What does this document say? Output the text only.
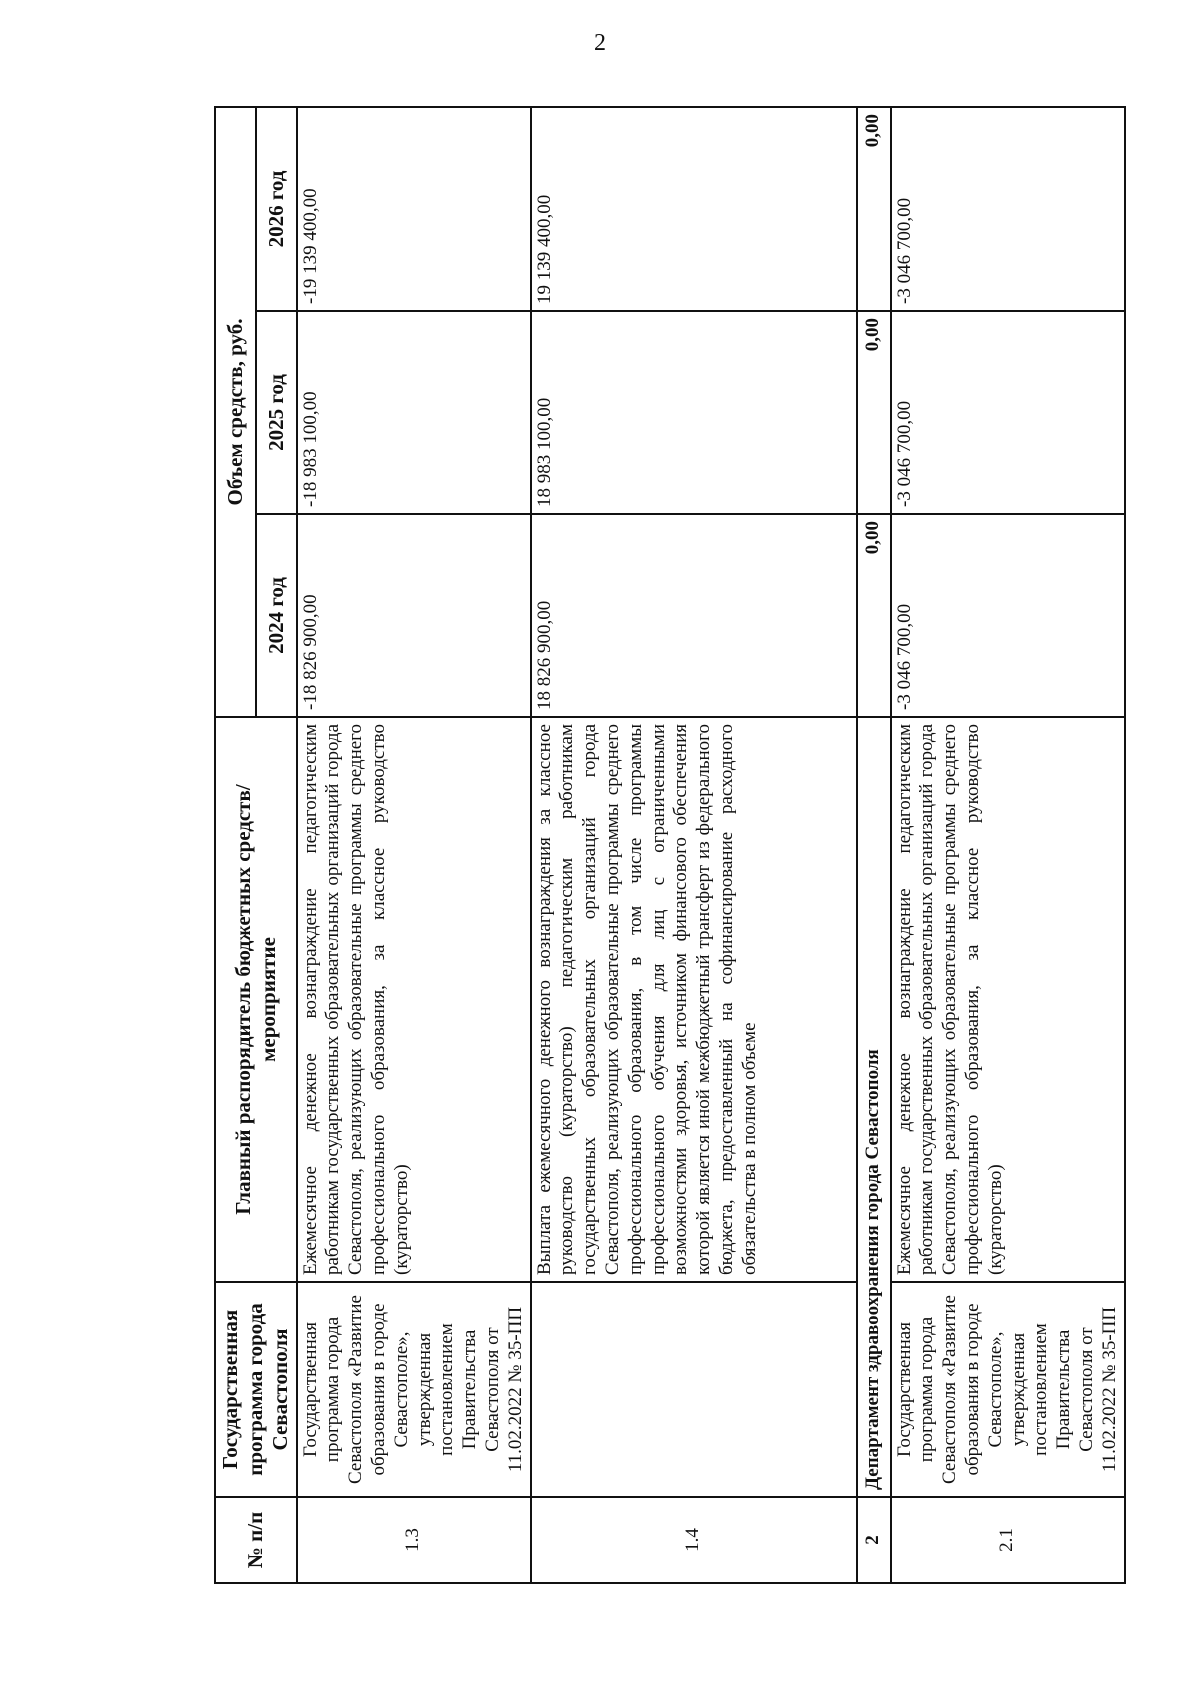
2
№ п/п	Государственная программа города Севастополя	Главный распорядитель бюджетных средств/мероприятие	Объем средств, руб.		
			2024 год	2025 год	2026 год
1.3	Государственная программа города Севастополя «Развитие образования в городе Севастополе», утвержденная постановлением Правительства Севастополя от 11.02.2022 № 35-ПП	Ежемесячное денежное вознаграждение педагогическим работникам государственных образовательных организаций города Севастополя, реализующих образовательные программы среднего профессионального образования, за классное руководство (кураторство)	-18 826 900,00	-18 983 100,00	-19 139 400,00
1.4		Выплата ежемесячного денежного вознаграждения за классное руководство (кураторство) педагогическим работникам государственных образовательных организаций города Севастополя, реализующих образовательные программы среднего профессионального образования, в том числе программы профессионального обучения для лиц с ограниченными возможностями здоровья, источником финансового обеспечения которой является иной межбюджетный трансферт из федерального бюджета, предоставленный на софинансирование расходного обязательства в полном объеме	18 826 900,00	18 983 100,00	19 139 400,00
2	Департамент здравоохранения города Севастополя		0,00	0,00	0,00
2.1	Государственная программа города Севастополя «Развитие образования в городе Севастополе», утвержденная постановлением Правительства Севастополя от 11.02.2022 № 35-ПП	Ежемесячное денежное вознаграждение педагогическим работникам государственных образовательных организаций города Севастополя, реализующих образовательные программы среднего профессионального образования, за классное руководство (кураторство)	-3 046 700,00	-3 046 700,00	-3 046 700,00
